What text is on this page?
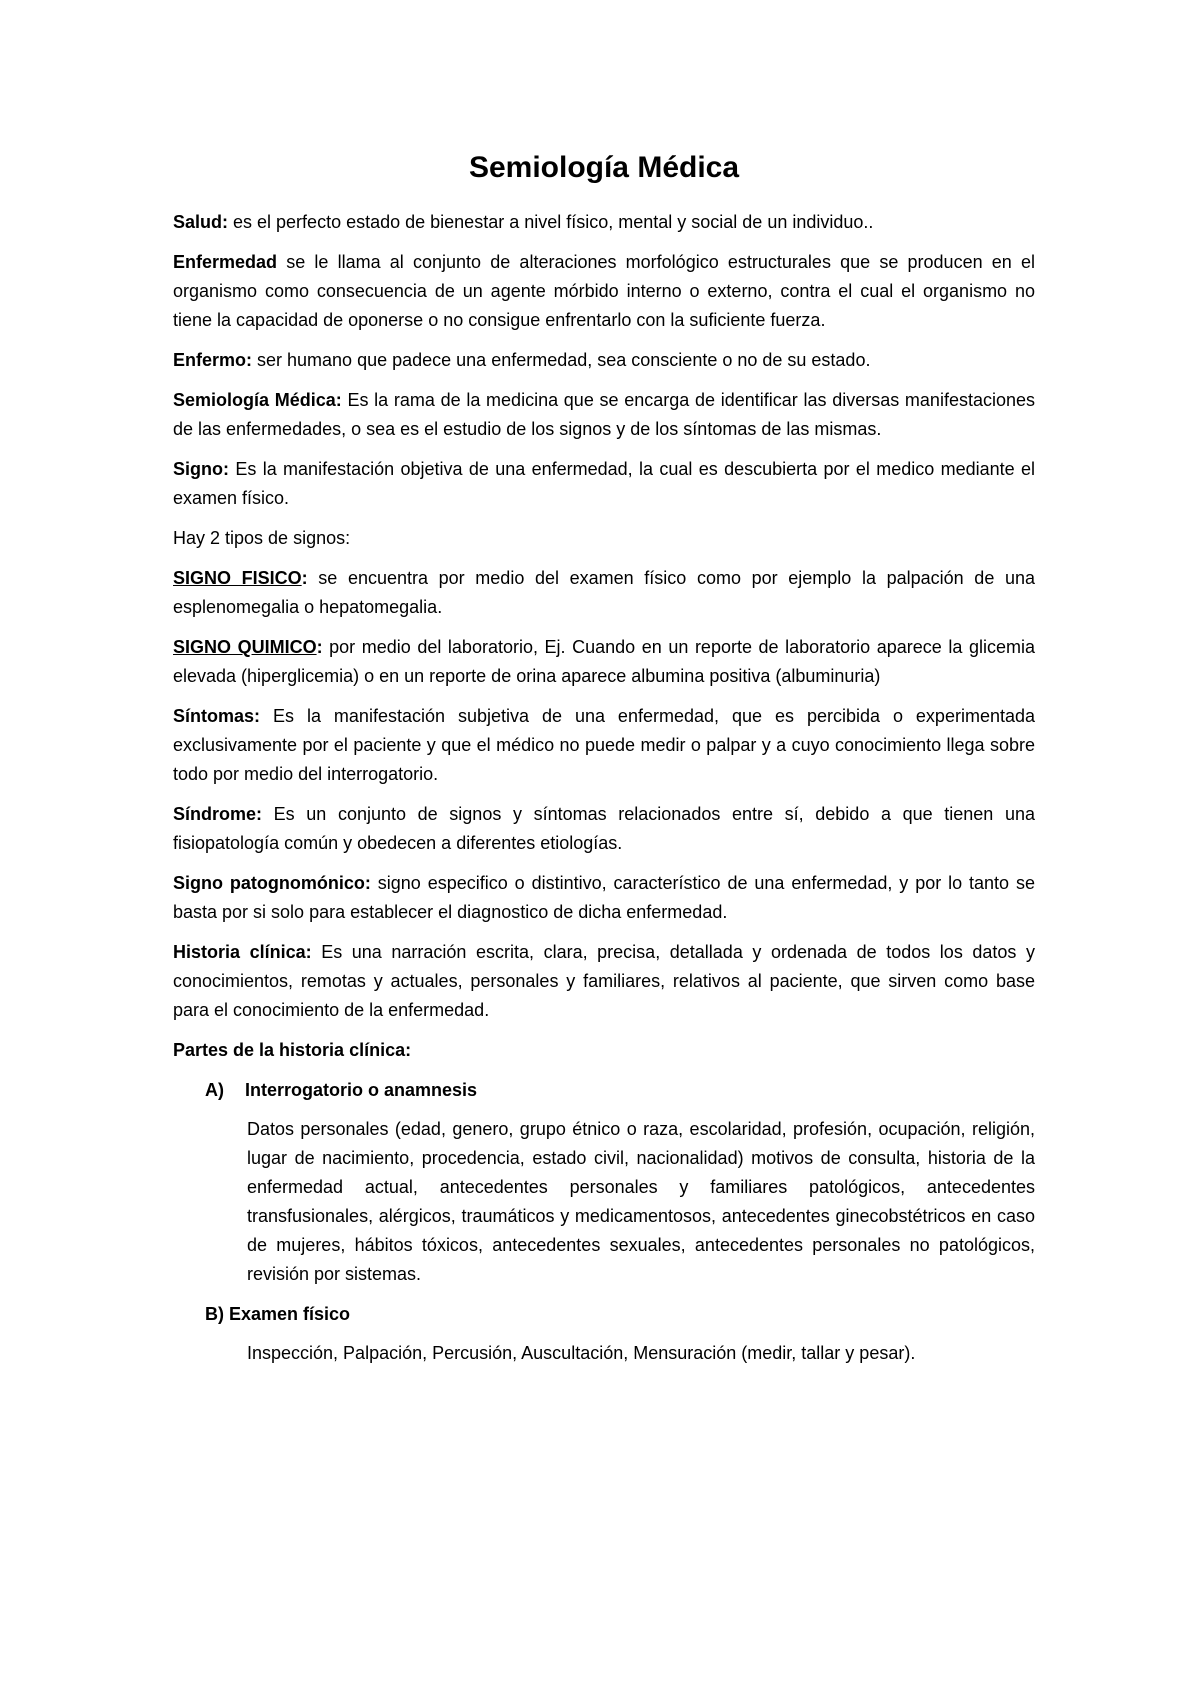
Semiología Médica

Salud: es el perfecto estado de bienestar a nivel físico, mental y social de un individuo..

Enfermedad se le llama al conjunto de alteraciones morfológico estructurales que se producen en el organismo como consecuencia de un agente mórbido interno o externo, contra el cual el organismo no tiene la capacidad de oponerse o no consigue enfrentarlo con la suficiente fuerza.

Enfermo: ser humano que padece una enfermedad, sea consciente o no de su estado.

Semiología Médica: Es la rama de la medicina que se encarga de identificar las diversas manifestaciones de las enfermedades, o sea es el estudio de los signos y de los síntomas de las mismas.

Signo: Es la manifestación objetiva de una enfermedad, la cual es descubierta por el medico mediante el examen físico.

Hay 2 tipos de signos:

SIGNO FISICO: se encuentra por medio del examen físico como por ejemplo la palpación de una esplenomegalia o hepatomegalia.

SIGNO QUIMICO: por medio del laboratorio, Ej. Cuando en un reporte de laboratorio aparece la glicemia elevada (hiperglicemia) o en un reporte de orina aparece albumina positiva (albuminuria)

Síntomas: Es la manifestación subjetiva de una enfermedad, que es percibida o experimentada exclusivamente por el paciente y que el médico no puede medir o palpar y a cuyo conocimiento llega sobre todo por medio del interrogatorio.

Síndrome: Es un conjunto de signos y síntomas relacionados entre sí, debido a que tienen una fisiopatología común y obedecen a diferentes etiologías.

Signo patognomónico: signo especifico o distintivo, característico de una enfermedad, y por lo tanto se basta por si solo para establecer el diagnostico de dicha enfermedad.

Historia clínica: Es una narración escrita, clara, precisa, detallada y ordenada de todos los datos y conocimientos, remotas y actuales, personales y familiares, relativos al paciente, que sirven como base para el conocimiento de la enfermedad.

Partes de la historia clínica:

A) Interrogatorio o anamnesis

Datos personales (edad, genero, grupo étnico o raza, escolaridad, profesión, ocupación, religión, lugar de nacimiento, procedencia, estado civil, nacionalidad) motivos de consulta, historia de la enfermedad actual, antecedentes personales y familiares patológicos, antecedentes transfusionales, alérgicos, traumáticos y medicamentosos, antecedentes ginecobstétricos en caso de mujeres, hábitos tóxicos, antecedentes sexuales, antecedentes personales no patológicos, revisión por sistemas.

B) Examen físico

Inspección, Palpación, Percusión, Auscultación, Mensuración (medir, tallar y pesar).
